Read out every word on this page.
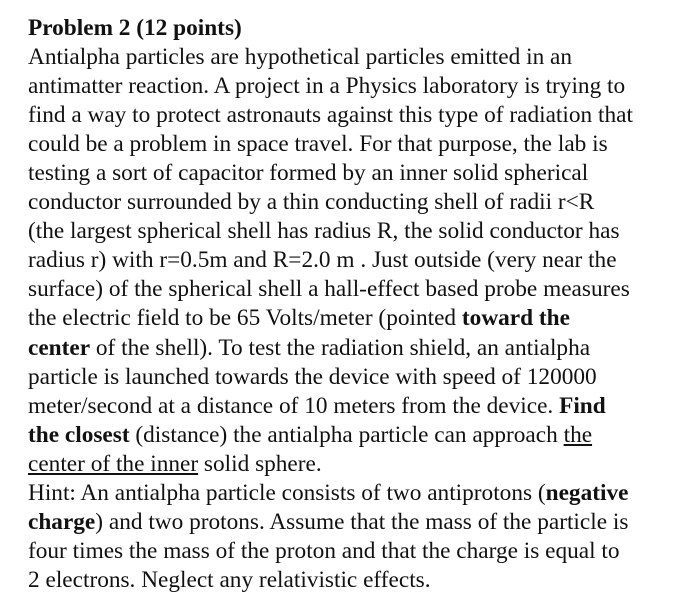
Problem 2 (12 points)
Antialpha particles are hypothetical particles emitted in an
antimatter reaction. A project in a Physics laboratory is trying to
find a way to protect astronauts against this type of radiation that
could be a problem in space travel. For that purpose, the lab is
testing a sort of capacitor formed by an inner solid spherical
conductor surrounded by a thin conducting shell of radii r<R
(the largest spherical shell has radius R, the solid conductor has
radius r) with r=0.5m and R=2.0 m . Just outside (very near the
surface) of the spherical shell a hall-effect based probe measures
the electric field to be 65 Volts/meter (pointed toward the
center of the shell). To test the radiation shield, an antialpha
particle is launched towards the device with speed of 120000
meter/second at a distance of 10 meters from the device. Find
the closest (distance) the antialpha particle can approach the
center of the inner solid sphere.
Hint: An antialpha particle consists of two antiprotons (negative
charge) and two protons. Assume that the mass of the particle is
four times the mass of the proton and that the charge is equal to
2 electrons. Neglect any relativistic effects.
